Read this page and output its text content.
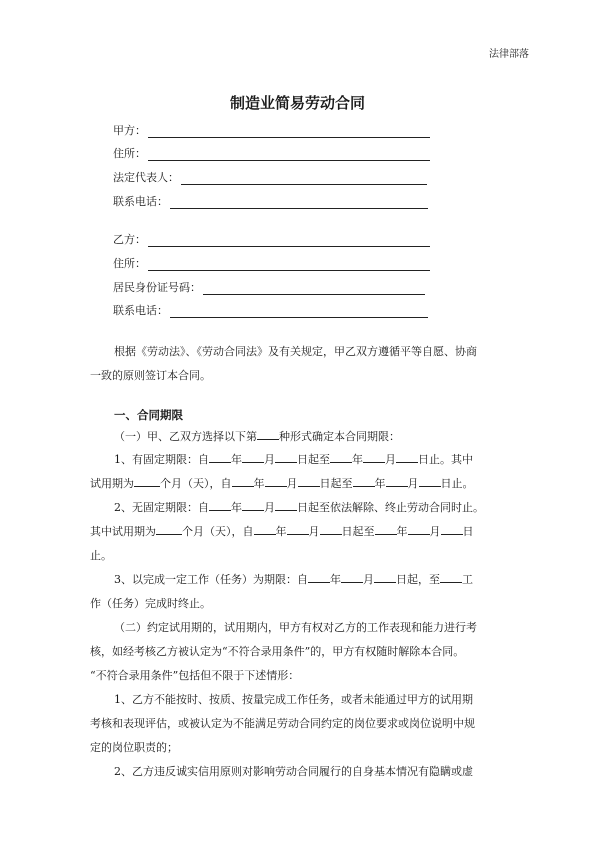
法律部落
制造业简易劳动合同
甲方：
住所：
法定代表人：
联系电话：
乙方：
住所：
居民身份证号码：
联系电话：
根据《劳动法》、《劳动合同法》及有关规定，甲乙双方遵循平等自愿、协商
一致的原则签订本合同。
一、合同期限
（一）甲、乙双方选择以下第 种形式确定本合同期限：
1、有固定期限：自 年 月 日起至 年 月 日止。其中
试用期为 个月（天），自 年 月 日起至 年 月 日止。
2、无固定期限：自 年 月 日起至依法解除、终止劳动合同时止。
其中试用期为 个月（天），自 年 月 日起至 年 月 日
止。
3、以完成一定工作（任务）为期限：自 年 月 日起，至 工
作（任务）完成时终止。
（二）约定试用期的，试用期内，甲方有权对乙方的工作表现和能力进行考
核，如经考核乙方被认定为“不符合录用条件”的，甲方有权随时解除本合同。
“不符合录用条件”包括但不限于下述情形：
1、乙方不能按时、按质、按量完成工作任务，或者未能通过甲方的试用期
考核和表现评估，或被认定为不能满足劳动合同约定的岗位要求或岗位说明中规
定的岗位职责的；
2、乙方违反诚实信用原则对影响劳动合同履行的自身基本情况有隐瞒或虚
